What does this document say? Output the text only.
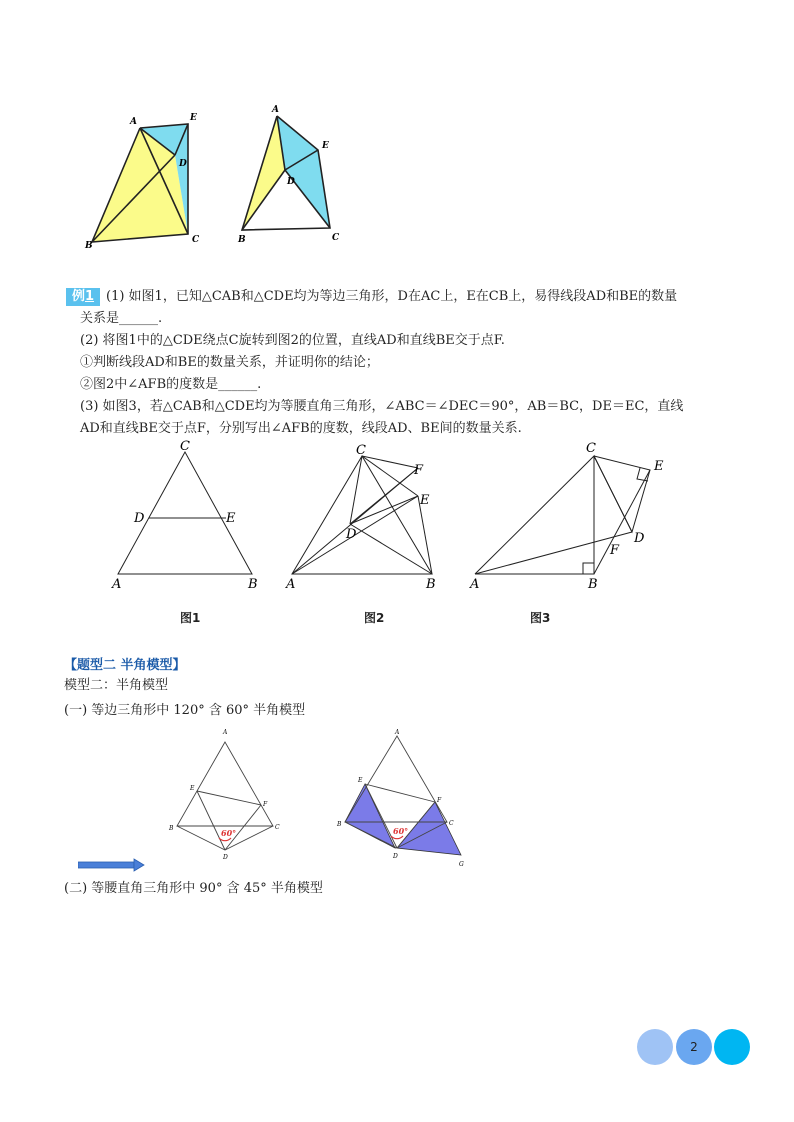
A
B
C
D
E
A
B	C
D
E
例1 (1) 如图1，已知△CAB和△CDE均为等边三角形，D在AC上，E在CB上，易得线段AD和BE的数量
关系是______.
(2) 将图1中的△CDE绕点C旋转到图2的位置，直线AD和直线BE交于点F.
①判断线段AD和BE的数量关系，并证明你的结论；
②图2中∠AFB的度数是______.
(3) 如图3，若△CAB和△CDE均为等腰直角三角形，∠ABC＝∠DEC＝90°，AB＝BC，DE＝EC，直线
AD和直线BE交于点F，分别写出∠AFB的度数，线段AD、BE间的数量关系.
C
A	B
D	E
C
A	B
D
E
F
C
A	B
D
E
F
图1	图2	图3
【题型二 半角模型】
模型二：半角模型
(一) 等边三角形中 120° 含 60° 半角模型
A
B	C
D
E
F
60°
A
B	C
D
E
F
G
60°
(二) 等腰直角三角形中 90° 含 45° 半角模型
2
